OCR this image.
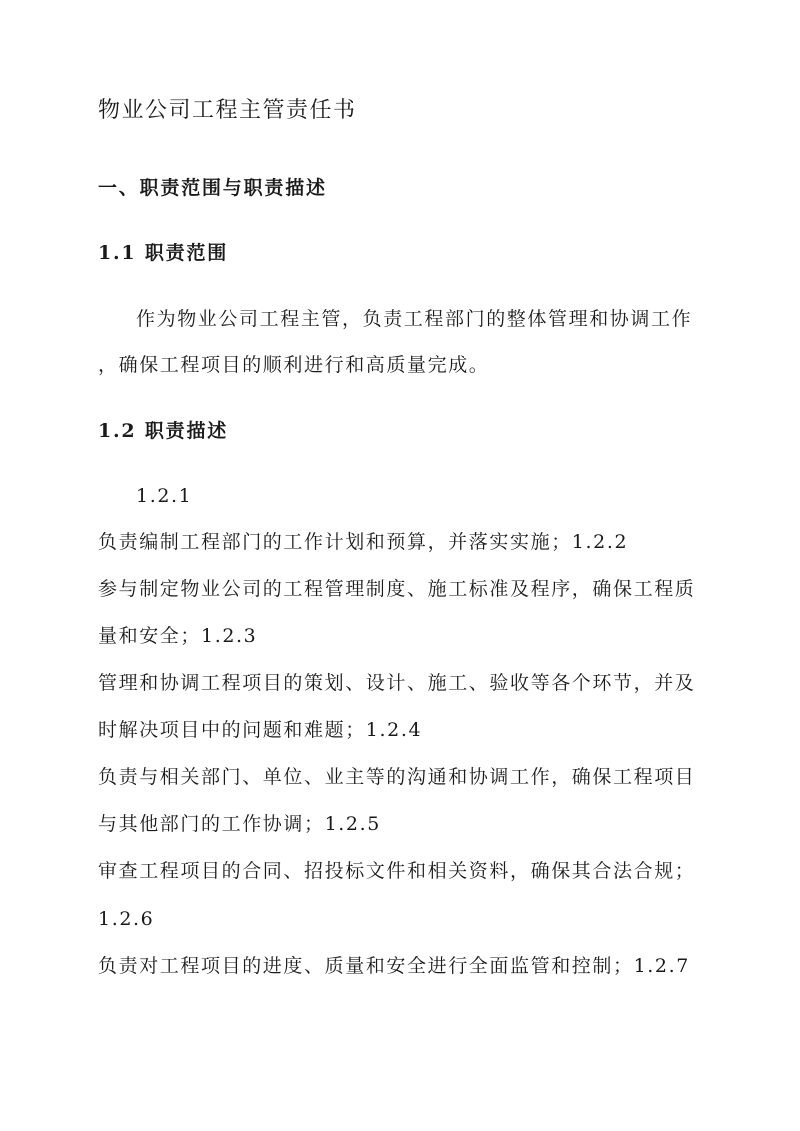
物业公司工程主管责任书
一、职责范围与职责描述
1.1 职责范围
作为物业公司工程主管，负责工程部门的整体管理和协调工作
，确保工程项目的顺利进行和高质量完成。
1.2 职责描述
1.2.1
负责编制工程部门的工作计划和预算，并落实实施；1.2.2
参与制定物业公司的工程管理制度、施工标准及程序，确保工程质
量和安全；1.2.3
管理和协调工程项目的策划、设计、施工、验收等各个环节，并及
时解决项目中的问题和难题；1.2.4
负责与相关部门、单位、业主等的沟通和协调工作，确保工程项目
与其他部门的工作协调；1.2.5
审查工程项目的合同、招投标文件和相关资料，确保其合法合规；
1.2.6
负责对工程项目的进度、质量和安全进行全面监管和控制；1.2.7
